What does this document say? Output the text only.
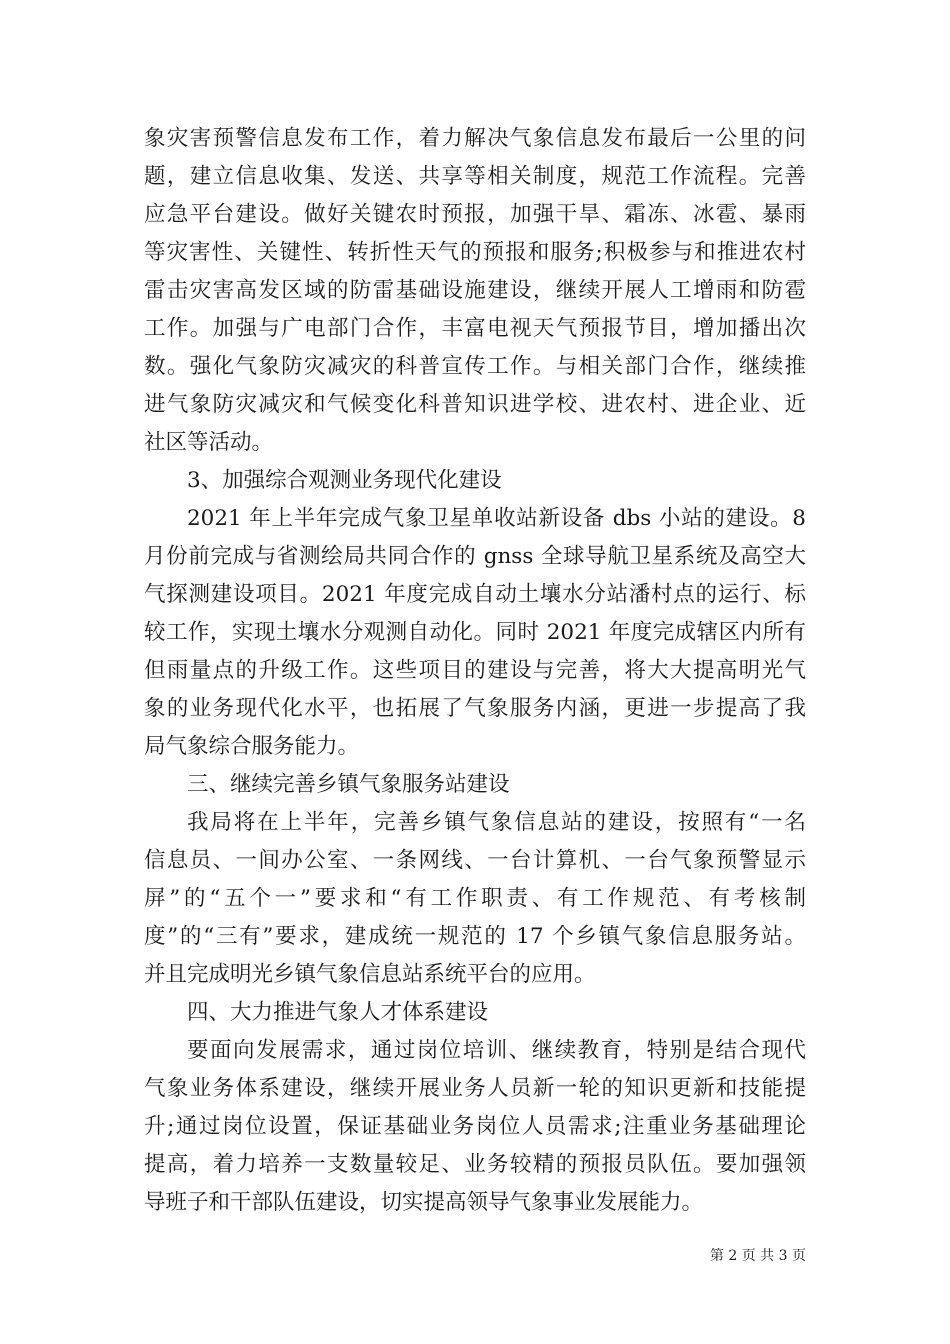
象灾害预警信息发布工作，着力解决气象信息发布最后一公里的问
题，建立信息收集、发送、共享等相关制度，规范工作流程。完善
应急平台建设。做好关键农时预报，加强干旱、霜冻、冰雹、暴雨
等灾害性、关键性、转折性天气的预报和服务;积极参与和推进农村
雷击灾害高发区域的防雷基础设施建设，继续开展人工增雨和防雹
工作。加强与广电部门合作，丰富电视天气预报节目，增加播出次
数。强化气象防灾减灾的科普宣传工作。与相关部门合作，继续推
进气象防灾减灾和气候变化科普知识进学校、进农村、进企业、近
社区等活动。
3、加强综合观测业务现代化建设
2021 年上半年完成气象卫星单收站新设备 dbs 小站的建设。8
月份前完成与省测绘局共同合作的 gnss 全球导航卫星系统及高空大
气探测建设项目。2021 年度完成自动土壤水分站潘村点的运行、标
较工作，实现土壤水分观测自动化。同时 2021 年度完成辖区内所有
但雨量点的升级工作。这些项目的建设与完善，将大大提高明光气
象的业务现代化水平，也拓展了气象服务内涵，更进一步提高了我
局气象综合服务能力。
三、继续完善乡镇气象服务站建设
我局将在上半年，完善乡镇气象信息站的建设，按照有“一名
信息员、一间办公室、一条网线、一台计算机、一台气象预警显示
屏”的“五个一”要求和“有工作职责、有工作规范、有考核制
度”的“三有”要求，建成统一规范的 17 个乡镇气象信息服务站。
并且完成明光乡镇气象信息站系统平台的应用。
四、大力推进气象人才体系建设
要面向发展需求，通过岗位培训、继续教育，特别是结合现代
气象业务体系建设，继续开展业务人员新一轮的知识更新和技能提
升;通过岗位设置，保证基础业务岗位人员需求;注重业务基础理论
提高，着力培养一支数量较足、业务较精的预报员队伍。要加强领
导班子和干部队伍建设，切实提高领导气象事业发展能力。
第 2 页 共 3 页
